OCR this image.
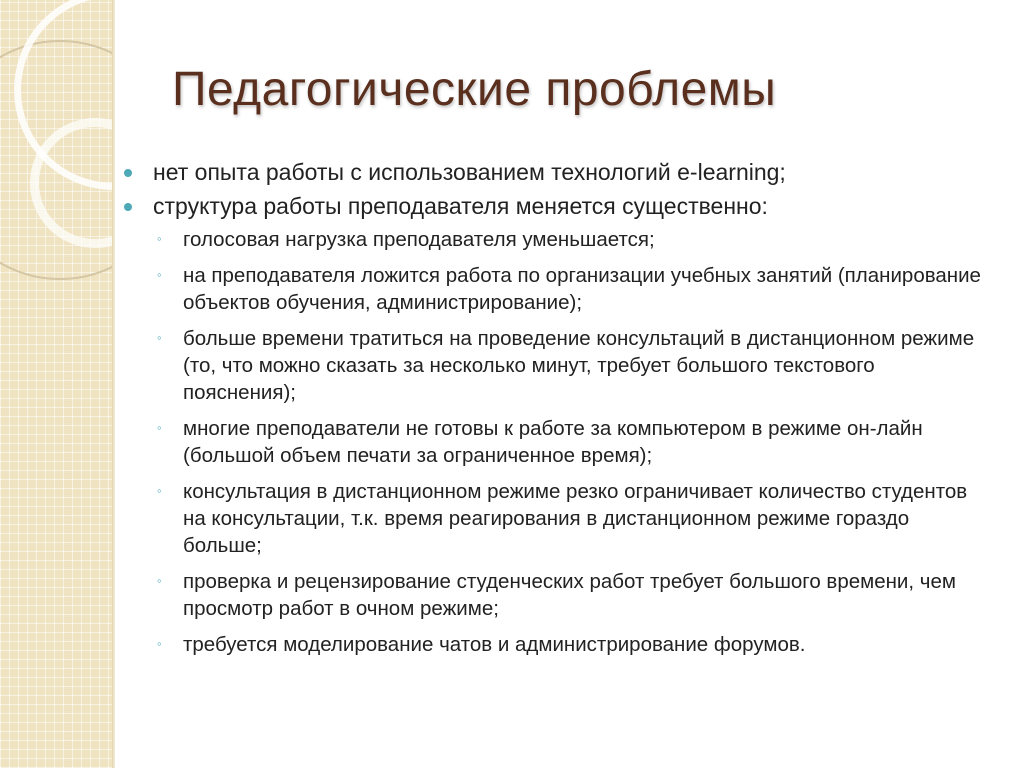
Педагогические проблемы
нет опыта работы с использованием технологий e-learning;
структура работы преподавателя меняется существенно:
◦ голосовая нагрузка преподавателя уменьшается;
◦ на преподавателя ложится работа по организации учебных занятий (планирование объектов обучения, администрирование);
◦ больше времени тратиться на проведение консультаций в дистанционном режиме (то, что можно сказать за несколько минут, требует большого текстового пояснения);
◦ многие преподаватели не готовы к работе за компьютером в режиме он-лайн (большой объем печати за ограниченное время);
◦ консультация в дистанционном режиме резко ограничивает количество студентов на консультации, т.к. время реагирования в дистанционном режиме гораздо больше;
◦ проверка и рецензирование студенческих работ требует большого времени, чем просмотр работ в очном режиме;
◦ требуется моделирование чатов и администрирование форумов.
